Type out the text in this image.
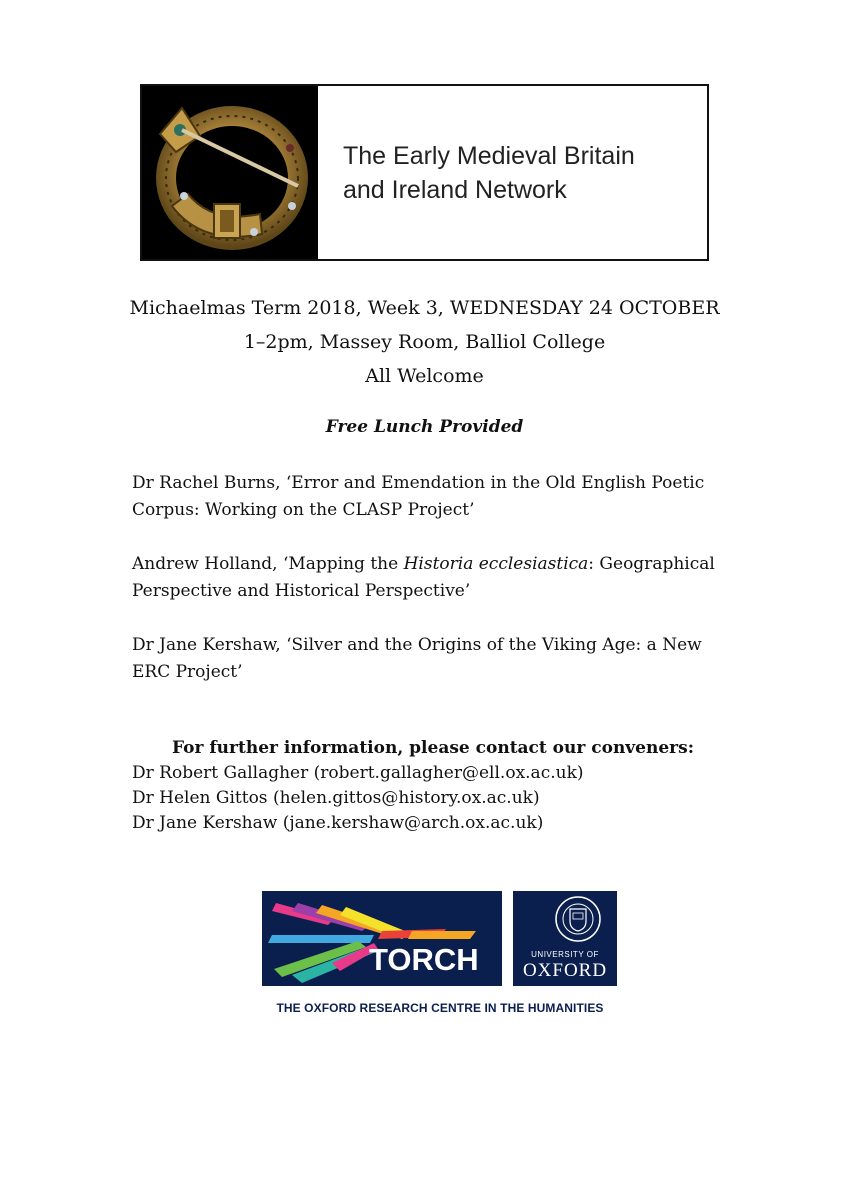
The Early Medieval Britain
and Ireland Network
Michaelmas Term 2018, Week 3, WEDNESDAY 24 OCTOBER
1–2pm, Massey Room, Balliol College
All Welcome
Free Lunch Provided
Dr Rachel Burns, ‘Error and Emendation in the Old English Poetic Corpus: Working on the CLASP Project’
Andrew Holland, ‘Mapping the Historia ecclesiastica: Geographical Perspective and Historical Perspective’
Dr Jane Kershaw, ‘Silver and the Origins of the Viking Age: a New ERC Project’
For further information, please contact our conveners:
Dr Robert Gallagher (robert.gallagher@ell.ox.ac.uk)
Dr Helen Gittos (helen.gittos@history.ox.ac.uk)
Dr Jane Kershaw (jane.kershaw@arch.ox.ac.uk)
TORCH	UNIVERSITY OF
OXFORD
THE OXFORD RESEARCH CENTRE IN THE HUMANITIES
